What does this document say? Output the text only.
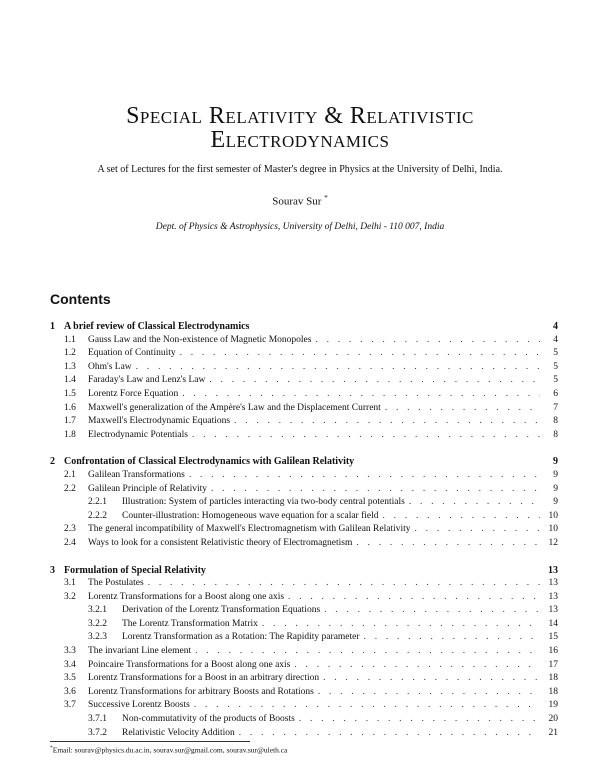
Special Relativity & Relativistic
Electrodynamics
A set of Lectures for the first semester of Master's degree in Physics at the University of Delhi, India.
Sourav Sur *
Dept. of Physics & Astrophysics, University of Delhi, Delhi - 110 007, India
Contents
1 A brief review of Classical Electrodynamics	4
1.1	Gauss Law and the Non-existence of Magnetic Monopoles . . .	4
1.2	Equation of Continuity . . .	5
1.3	Ohm's Law . . .	5
1.4	Faraday's Law and Lenz's Law . . .	5
1.5	Lorentz Force Equation . . .	6
1.6	Maxwell's generalization of the Ampère's Law and the Displacement Current . . .	7
1.7	Maxwell's Electrodynamic Equations . . .	8
1.8	Electrodynamic Potentials . . .	8
2 Confrontation of Classical Electrodynamics with Galilean Relativity	9
2.1	Galilean Transformations . . .	9
2.2	Galilean Principle of Relativity . . .	9
2.2.1	Illustration: System of particles interacting via two-body central potentials . . .	9
2.2.2	Counter-illustration: Homogeneous wave equation for a scalar field . . .	10
2.3	The general incompatibility of Maxwell's Electromagnetism with Galilean Relativity . . .	10
2.4	Ways to look for a consistent Relativistic theory of Electromagnetism . . .	12
3 Formulation of Special Relativity	13
3.1	The Postulates . . .	13
3.2	Lorentz Transformations for a Boost along one axis . . .	13
3.2.1	Derivation of the Lorentz Transformation Equations . . .	13
3.2.2	The Lorentz Transformation Matrix . . .	14
3.2.3	Lorentz Transformation as a Rotation: The Rapidity parameter . . .	15
3.3	The invariant Line element . . .	16
3.4	Poincaire Transformations for a Boost along one axis . . .	17
3.5	Lorentz Transformations for a Boost in an arbitrary direction . . .	18
3.6	Lorentz Transformations for arbitrary Boosts and Rotations . . .	18
3.7	Successive Lorentz Boosts . . .	19
3.7.1	Non-commutativity of the products of Boosts . . .	20
3.7.2	Relativistic Velocity Addition . . .	21
*Email: sourav@physics.du.ac.in, sourav.sur@gmail.com, sourav.sur@uleth.ca
